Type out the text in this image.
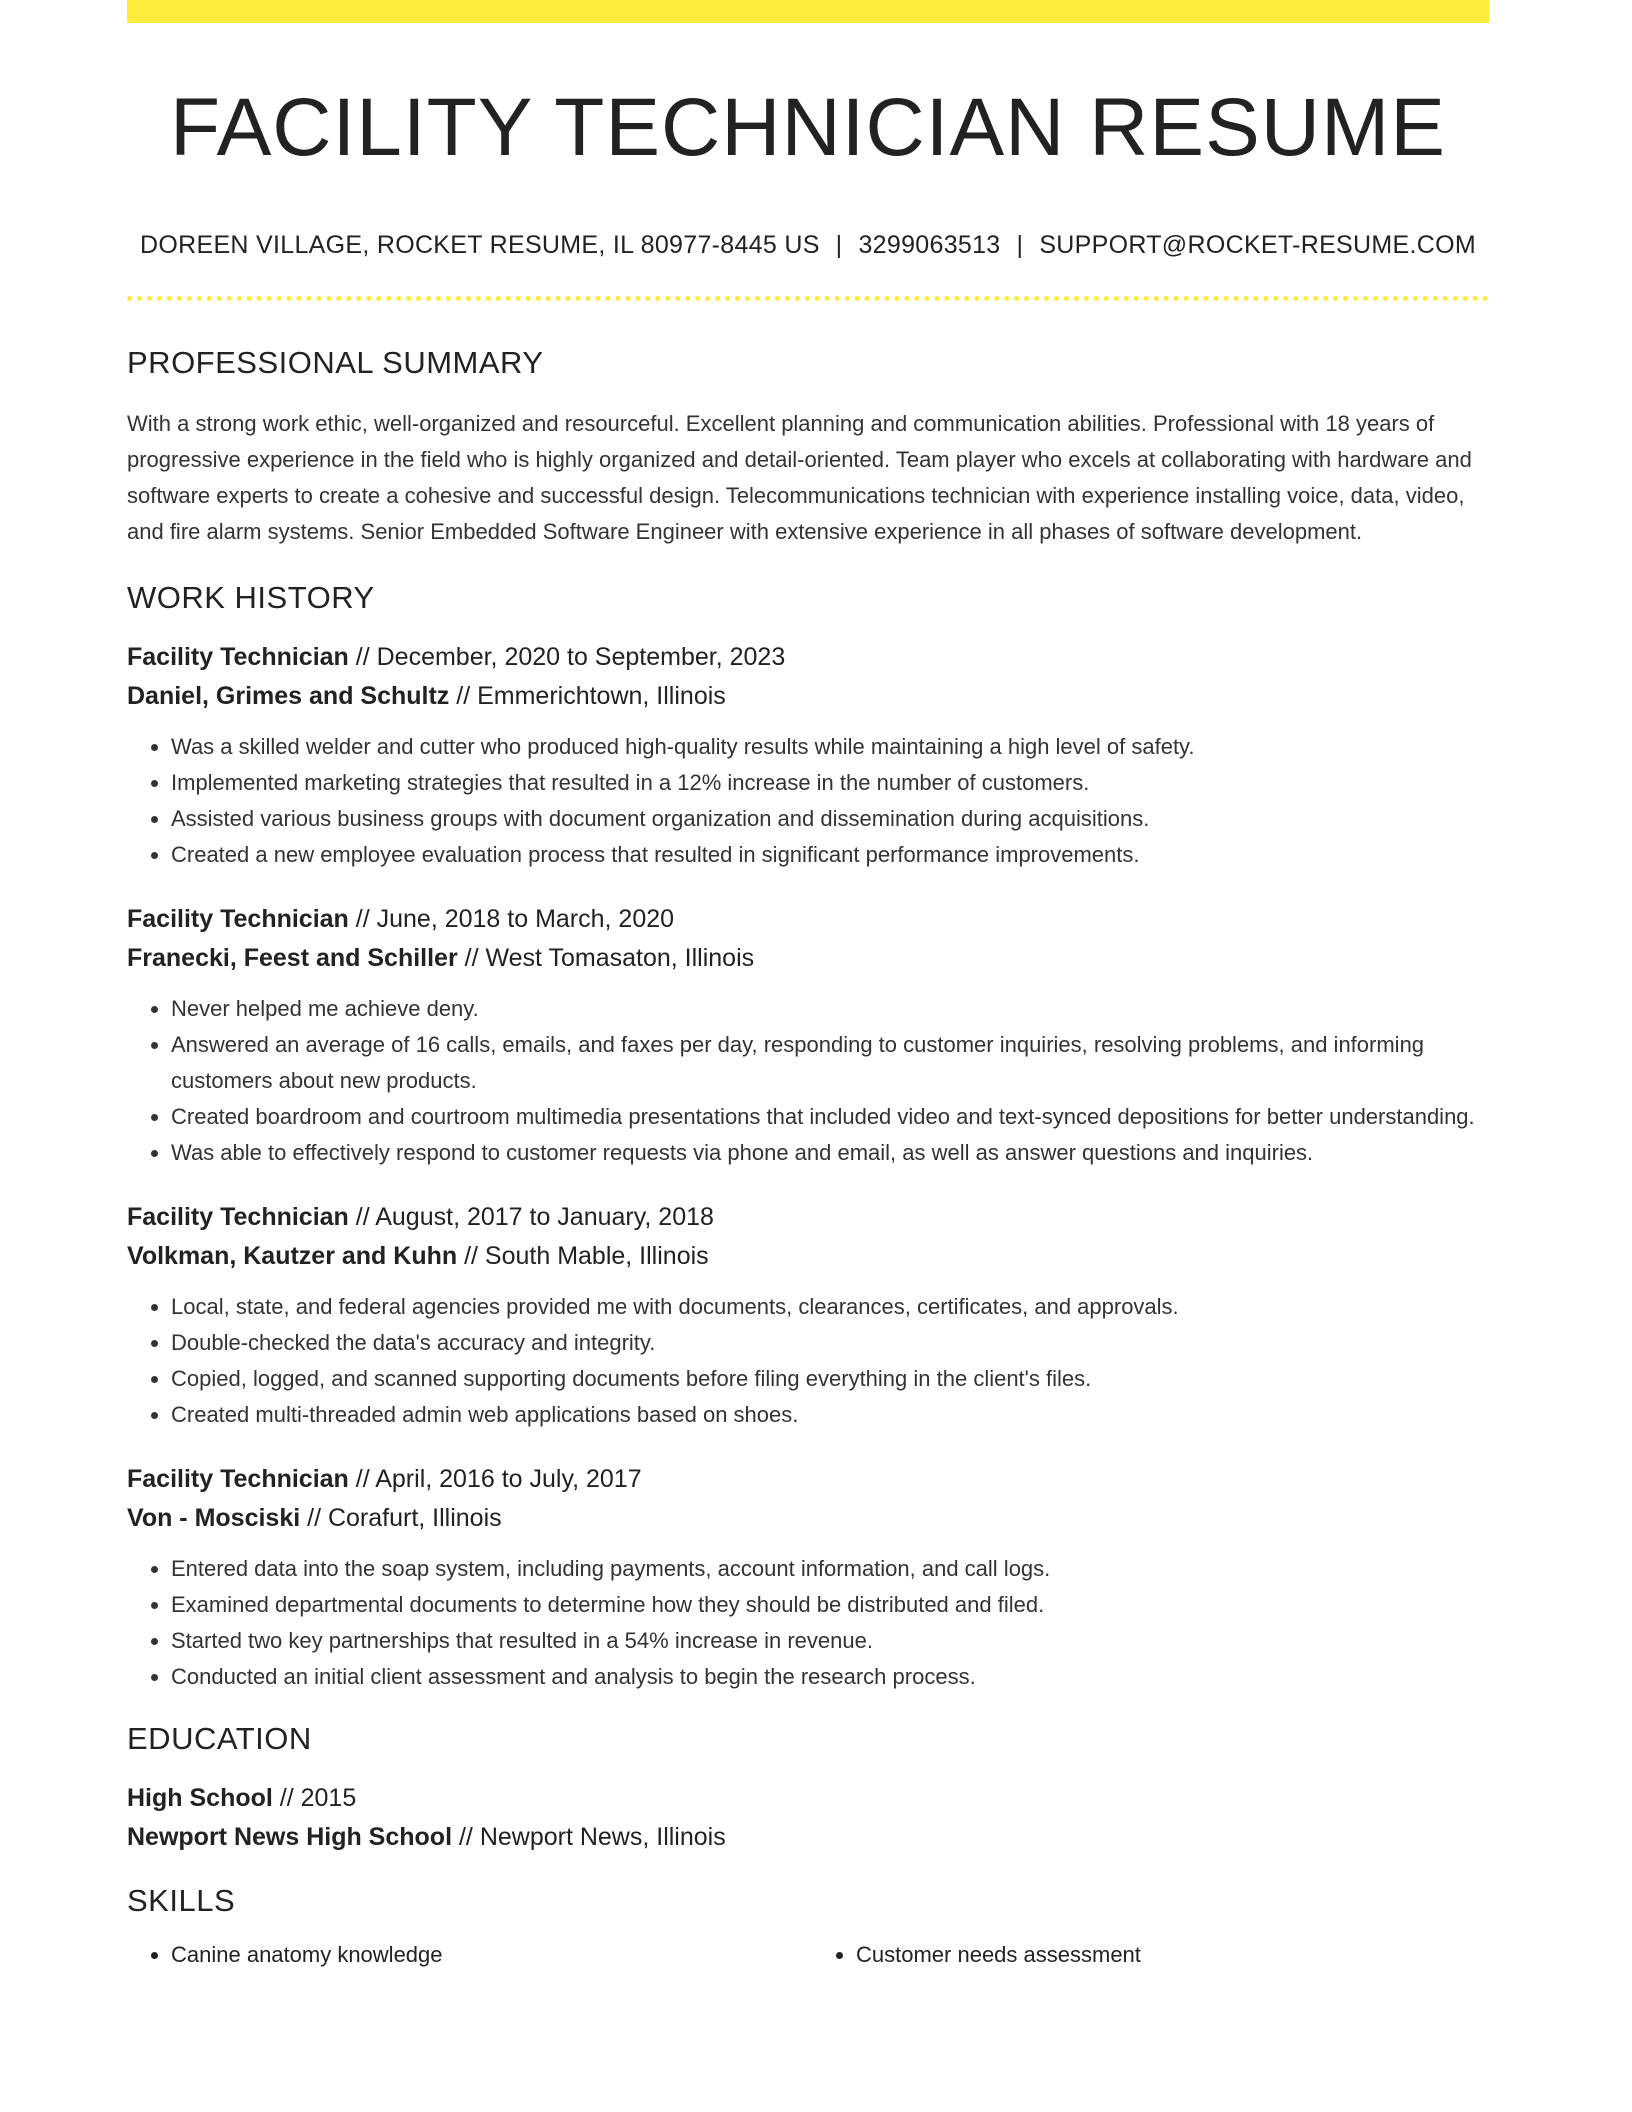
FACILITY TECHNICIAN RESUME
DOREEN VILLAGE, ROCKET RESUME, IL 80977-8445 US | 3299063513 | SUPPORT@ROCKET-RESUME.COM
PROFESSIONAL SUMMARY
With a strong work ethic, well-organized and resourceful. Excellent planning and communication abilities. Professional with 18 years of progressive experience in the field who is highly organized and detail-oriented. Team player who excels at collaborating with hardware and software experts to create a cohesive and successful design. Telecommunications technician with experience installing voice, data, video, and fire alarm systems. Senior Embedded Software Engineer with extensive experience in all phases of software development.
WORK HISTORY
Facility Technician // December, 2020 to September, 2023
Daniel, Grimes and Schultz // Emmerichtown, Illinois
• Was a skilled welder and cutter who produced high-quality results while maintaining a high level of safety.
• Implemented marketing strategies that resulted in a 12% increase in the number of customers.
• Assisted various business groups with document organization and dissemination during acquisitions.
• Created a new employee evaluation process that resulted in significant performance improvements.
Facility Technician // June, 2018 to March, 2020
Franecki, Feest and Schiller // West Tomasaton, Illinois
• Never helped me achieve deny.
• Answered an average of 16 calls, emails, and faxes per day, responding to customer inquiries, resolving problems, and informing customers about new products.
• Created boardroom and courtroom multimedia presentations that included video and text-synced depositions for better understanding.
• Was able to effectively respond to customer requests via phone and email, as well as answer questions and inquiries.
Facility Technician // August, 2017 to January, 2018
Volkman, Kautzer and Kuhn // South Mable, Illinois
• Local, state, and federal agencies provided me with documents, clearances, certificates, and approvals.
• Double-checked the data's accuracy and integrity.
• Copied, logged, and scanned supporting documents before filing everything in the client's files.
• Created multi-threaded admin web applications based on shoes.
Facility Technician // April, 2016 to July, 2017
Von - Mosciski // Corafurt, Illinois
• Entered data into the soap system, including payments, account information, and call logs.
• Examined departmental documents to determine how they should be distributed and filed.
• Started two key partnerships that resulted in a 54% increase in revenue.
• Conducted an initial client assessment and analysis to begin the research process.
EDUCATION
High School // 2015
Newport News High School // Newport News, Illinois
SKILLS
• Canine anatomy knowledge
•	Customer needs assessment
